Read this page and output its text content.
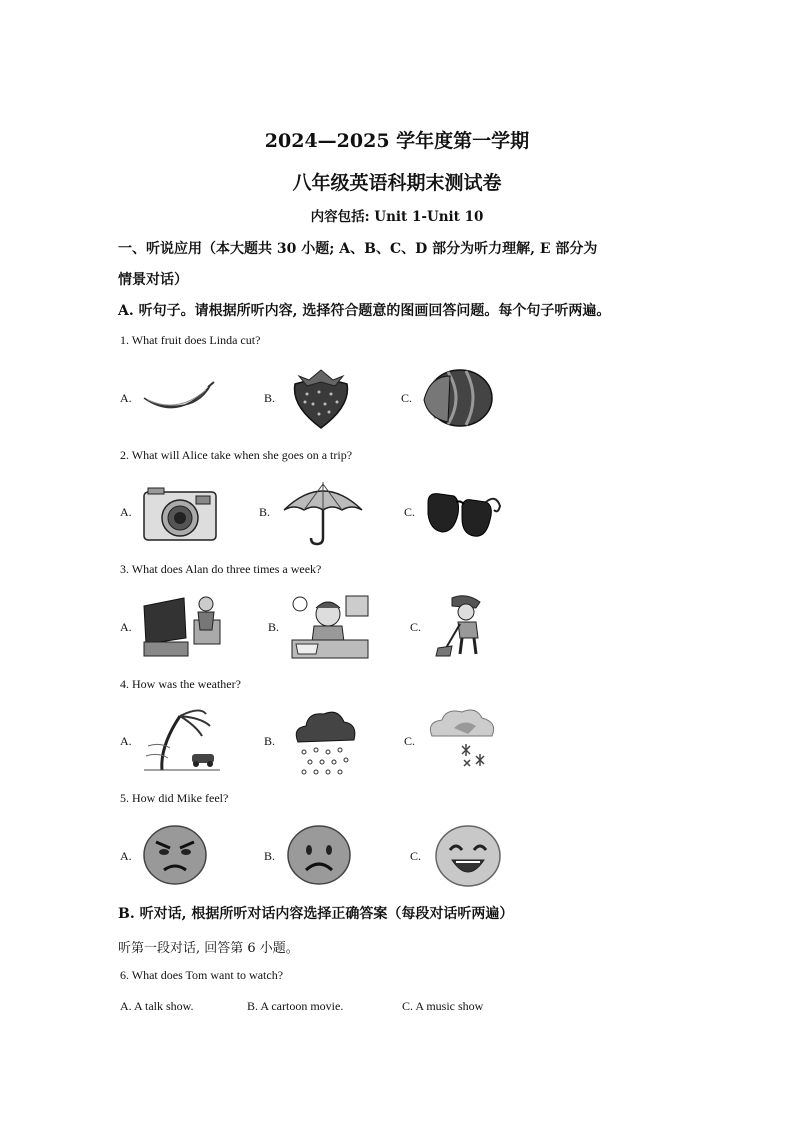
2024—2025 学年度第一学期
八年级英语科期末测试卷
内容包括: Unit 1-Unit 10
一、听说应用（本大题共 30 小题; A、B、C、D 部分为听力理解, E 部分为
情景对话）
A. 听句子。请根据所听内容, 选择符合题意的图画回答问题。每个句子听两遍。
1. What fruit does Linda cut?
A.	B.	C.
2. What will Alice take when she goes on a trip?
A.	B.	C.
3. What does Alan do three times a week?
A.	B.	C.
4. How was the weather?
A.	B.	C.
5. How did Mike feel?
A.	B.	C.
B. 听对话, 根据所听对话内容选择正确答案（每段对话听两遍）
听第一段对话, 回答第 6 小题。
6. What does Tom want to watch?
A. A talk show.	B. A cartoon movie.	C. A music show
